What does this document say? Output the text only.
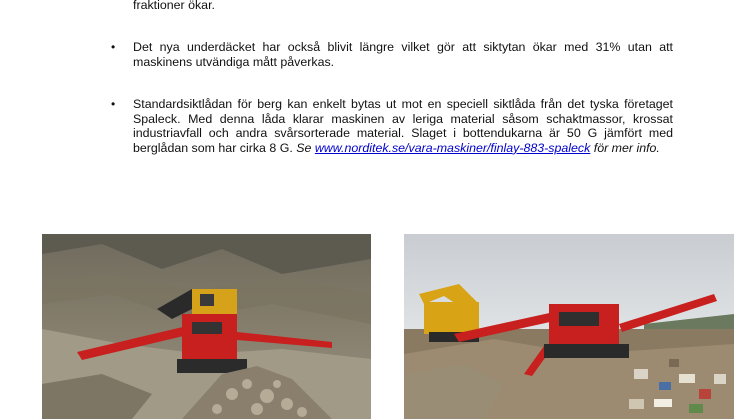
fraktioner ökar.
• Det nya underdäcket har också blivit längre vilket gör att siktytan ökar med 31% utan att maskinens utvändiga mått påverkas.
• Standardsiktlådan för berg kan enkelt bytas ut mot en speciell siktlåda från det tyska företaget Spaleck. Med denna låda klarar maskinen av leriga material såsom schaktmassor, krossat industriavfall och andra svårsorterade material. Slaget i bottendukarna är 50 G jämfört med berglådan som har cirka 8 G. Se www.norditek.se/vara-maskiner/finlay-883-spaleck för mer info.
